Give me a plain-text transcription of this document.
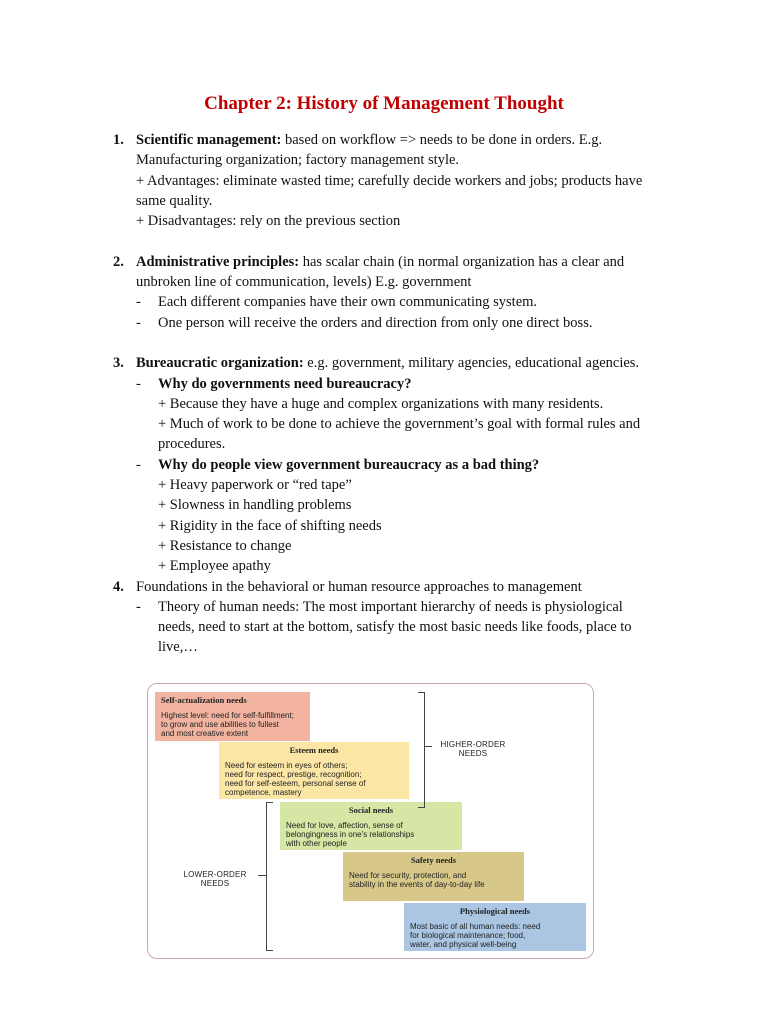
Chapter 2: History of Management Thought
1. Scientific management: based on workflow => needs to be done in orders. E.g.

Manufacturing organization; factory management style.

+ Advantages: eliminate wasted time; carefully decide workers and jobs; products have

same quality.

+ Disadvantages: rely on the previous section

2. Administrative principles: has scalar chain (in normal organization has a clear and

unbroken line of communication, levels) E.g. government

- Each different companies have their own communicating system.
- One person will receive the orders and direction from only one direct boss.
3. Bureaucratic organization: e.g. government, military agencies, educational agencies.

- Why do governments need bureaucracy?

+ Because they have a huge and complex organizations with many residents.

+ Much of work to be done to achieve the government’s goal with formal rules and

procedures.

- Why do people view government bureaucracy as a bad thing?

+ Heavy paperwork or “red tape”

+ Slowness in handling problems

+ Rigidity in the face of shifting needs

+ Resistance to change

+ Employee apathy

4. Foundations in the behavioral or human resource approaches to management

- Theory of human needs: The most important hierarchy of needs is physiological

needs, need to start at the bottom, satisfy the most basic needs like foods, place to

live,…

Self-actualization needs
Highest level: need for self-fulfillment;
to grow and use abilities to fullest
and most creative extent
Esteem needs
Need for esteem in eyes of others;
need for respect, prestige, recognition;
need for self-esteem, personal sense of
competence, mastery
Social needs
Need for love, affection, sense of
belongingness in one's relationships
with other people
Safety needs
Need for security, protection, and
stability in the events of day-to-day life
Physiological needs
Most basic of all human needs: need
for biological maintenance; food,
water, and physical well-being
HIGHER-ORDER
NEEDS
LOWER-ORDER
NEEDS
